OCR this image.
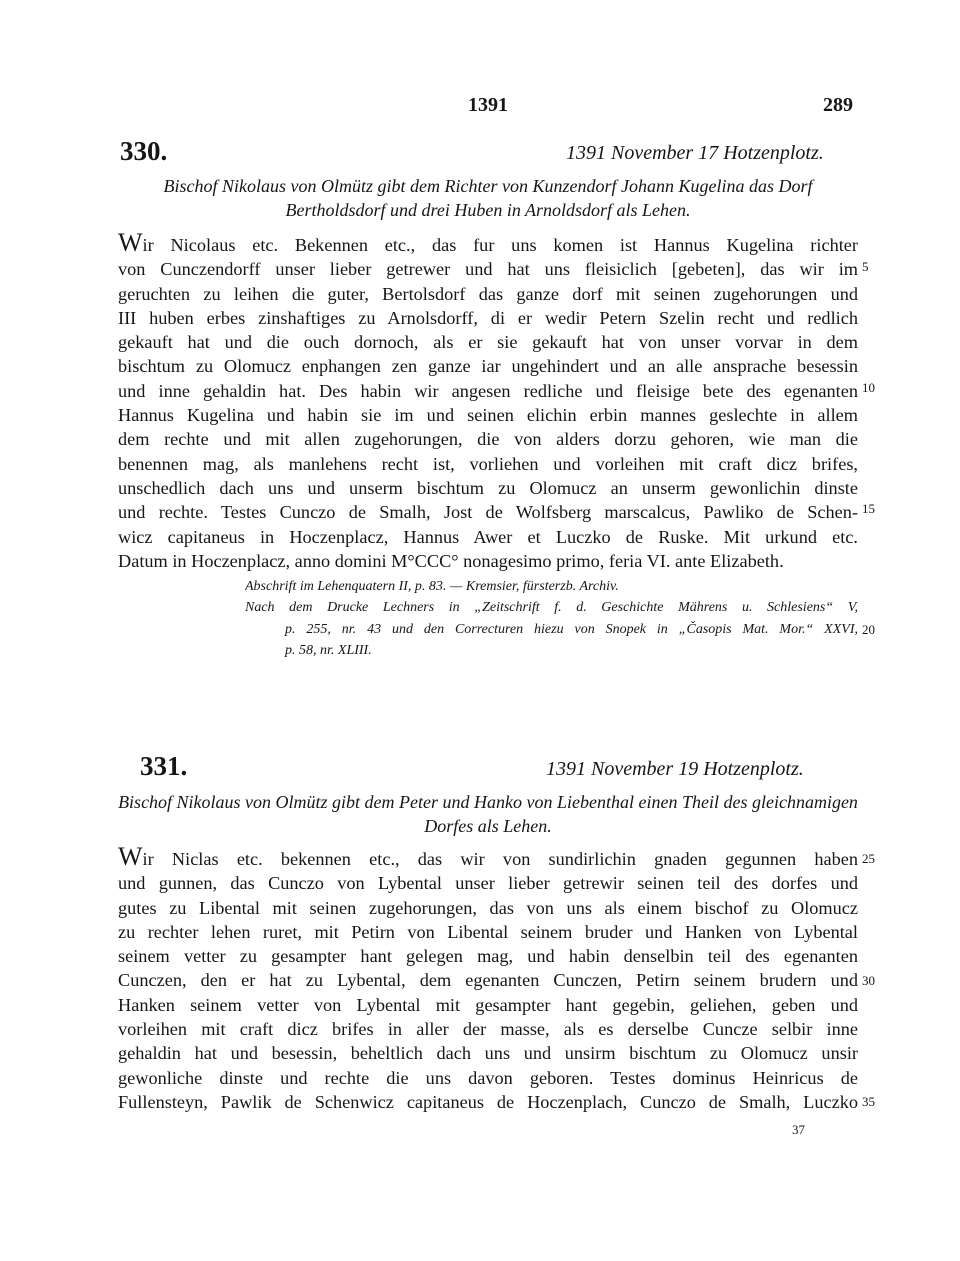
1391	289
330.	1391 November 17 Hotzenplotz.
Bischof Nikolaus von Olmütz gibt dem Richter von Kunzendorf Johann Kugelina das Dorf Bertholdsdorf und drei Huben in Arnoldsdorf als Lehen.
Wir Nicolaus etc. Bekennen etc., das fur uns komen ist Hannus Kugelina richter
von Cunczendorff unser lieber getrewer und hat uns fleisiclich [gebeten], das wir im
geruchten zu leihen die guter, Bertolsdorf das ganze dorf mit seinen zugehorungen und
III huben erbes zinshaftiges zu Arnolsdorff, di er wedir Petern Szelin recht und redlich
gekauft hat und die ouch dornoch, als er sie gekauft hat von unser vorvar in dem
bischtum zu Olomucz enphangen zen ganze iar ungehindert und an alle ansprache besessin
und inne gehaldin hat. Des habin wir angesen redliche und fleisige bete des egenanten
Hannus Kugelina und habin sie im und seinen elichin erbin mannes geslechte in allem
dem rechte und mit allen zugehorungen, die von alders dorzu gehoren, wie man die
benennen mag, als manlehens recht ist, vorliehen und vorleihen mit craft dicz brifes,
unschedlich dach uns und unserm bischtum zu Olomucz an unserm gewonlichin dinste
und rechte. Testes Cunczo de Smalh, Jost de Wolfsberg marscalcus, Pawliko de Schen-
wicz capitaneus in Hoczenplacz, Hannus Awer et Luczko de Ruske. Mit urkund etc.
Datum in Hoczenplacz, anno domini M°CCC° nonagesimo primo, feria VI. ante Elizabeth.
Abschrift im Lehenquatern II, p. 83. — Kremsier, fürsterzb. Archiv.
Nach dem Drucke Lechners in „Zeitschrift f. d. Geschichte Mährens u. Schlesiens“ V,
p. 255, nr. 43 und den Correcturen hiezu von Snopek in „Časopis Mat. Mor.“ XXVI,
p. 58, nr. XLIII.
5
10
15
20
331.	1391 November 19 Hotzenplotz.
Bischof Nikolaus von Olmütz gibt dem Peter und Hanko von Liebenthal einen Theil des gleichnamigen Dorfes als Lehen.
Wir Niclas etc. bekennen etc., das wir von sundirlichin gnaden gegunnen haben
und gunnen, das Cunczo von Lybental unser lieber getrewir seinen teil des dorfes und
gutes zu Libental mit seinen zugehorungen, das von uns als einem bischof zu Olomucz
zu rechter lehen ruret, mit Petirn von Libental seinem bruder und Hanken von Lybental
seinem vetter zu gesampter hant gelegen mag, und habin denselbin teil des egenanten
Cunczen, den er hat zu Lybental, dem egenanten Cunczen, Petirn seinem brudern und
Hanken seinem vetter von Lybental mit gesampter hant gegebin, geliehen, geben und
vorleihen mit craft dicz brifes in aller der masse, als es derselbe Cuncze selbir inne
gehaldin hat und besessin, beheltlich dach uns und unsirm bischtum zu Olomucz unsir
gewonliche dinste und rechte die uns davon geboren. Testes dominus Heinricus de
Fullensteyn, Pawlik de Schenwicz capitaneus de Hoczenplach, Cunczo de Smalh, Luczko
25
30
35
37
